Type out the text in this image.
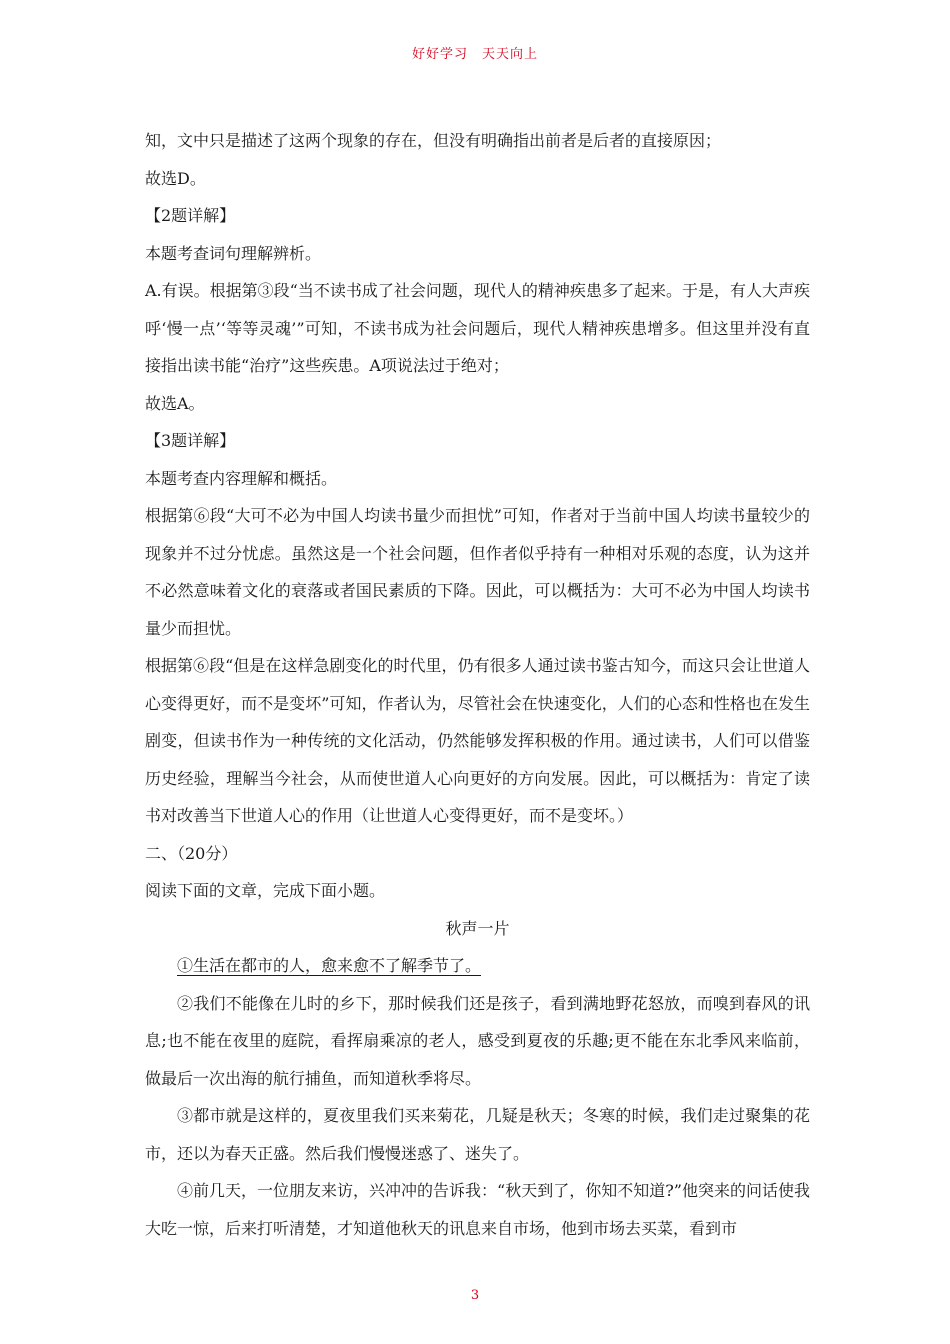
好好学习　天天向上

知，文中只是描述了这两个现象的存在，但没有明确指出前者是后者的直接原因；

故选D。

【2题详解】

本题考查词句理解辨析。

A.有误。根据第③段“当不读书成了社会问题，现代人的精神疾患多了起来。于是，有人大声疾呼‘慢一点’‘等等灵魂’”可知，不读书成为社会问题后，现代人精神疾患增多。但这里并没有直接指出读书能“治疗”这些疾患。A项说法过于绝对；

故选A。

【3题详解】

本题考查内容理解和概括。

根据第⑥段“大可不必为中国人均读书量少而担忧”可知，作者对于当前中国人均读书量较少的现象并不过分忧虑。虽然这是一个社会问题，但作者似乎持有一种相对乐观的态度，认为这并不必然意味着文化的衰落或者国民素质的下降。因此，可以概括为：大可不必为中国人均读书量少而担忧。

根据第⑥段“但是在这样急剧变化的时代里，仍有很多人通过读书鉴古知今，而这只会让世道人心变得更好，而不是变坏”可知，作者认为，尽管社会在快速变化，人们的心态和性格也在发生剧变，但读书作为一种传统的文化活动，仍然能够发挥积极的作用。通过读书，人们可以借鉴历史经验，理解当今社会，从而使世道人心向更好的方向发展。因此，可以概括为：肯定了读书对改善当下世道人心的作用（让世道人心变得更好，而不是变坏。）

二、（20分）

阅读下面的文章，完成下面小题。

秋声一片

①生活在都市的人，愈来愈不了解季节了。

②我们不能像在儿时的乡下，那时候我们还是孩子，看到满地野花怒放，而嗅到春风的讯息;也不能在夜里的庭院，看挥扇乘凉的老人，感受到夏夜的乐趣;更不能在东北季风来临前，做最后一次出海的航行捕鱼，而知道秋季将尽。

③都市就是这样的，夏夜里我们买来菊花，几疑是秋天；冬寒的时候，我们走过聚集的花市，还以为春天正盛。然后我们慢慢迷惑了、迷失了。

④前几天，一位朋友来访，兴冲冲的告诉我：“秋天到了，你知不知道?”他突来的问话使我大吃一惊，后来打听清楚，才知道他秋天的讯息来自市场，他到市场去买菜，看到市

3
